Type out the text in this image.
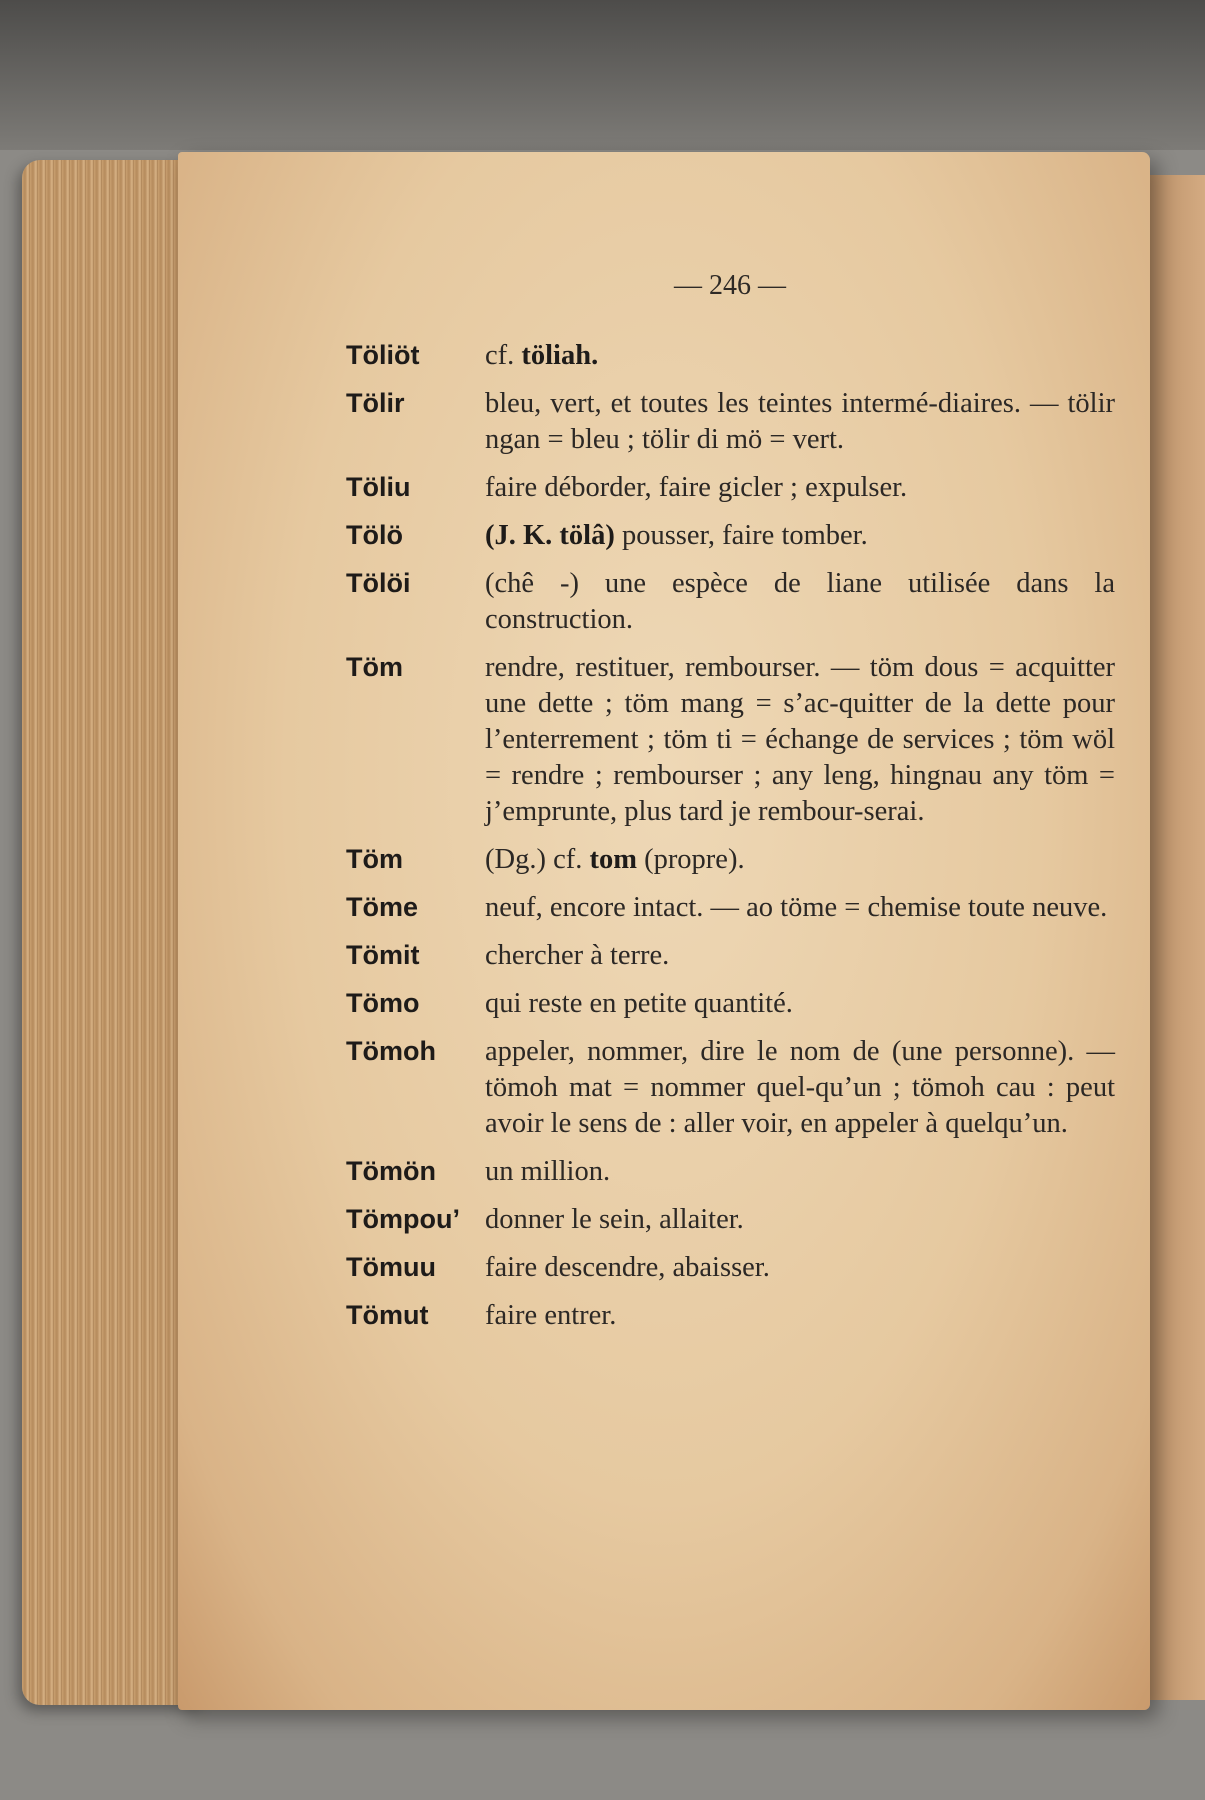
— 246 —
Töliöt cf. töliah.
Tölir	bleu, vert, et toutes les teintes intermé-diaires. — tölir ngan = bleu ; tölir di mö = vert.
Töliu	faire déborder, faire gicler ; expulser.
Tölö	(J. K. tölâ) pousser, faire tomber.
Tölöi	(chê -) une espèce de liane utilisée dans la construction.
Töm	rendre, restituer, rembourser. — töm dous = acquitter une dette ; töm mang = s’ac-quitter de la dette pour l’enterrement ; töm ti = échange de services ; töm wöl = rendre ; rembourser ; any leng, hingnau any töm = j’emprunte, plus tard je rembour-serai.
Töm	(Dg.) cf. tom (propre).
Töme neuf, encore intact. — ao töme = chemise toute neuve.
Tömit chercher à terre.
Tömo qui reste en petite quantité.
Tömoh appeler, nommer, dire le nom de (une personne). — tömoh mat = nommer quel-qu’un ; tömoh cau : peut avoir le sens de : aller voir, en appeler à quelqu’un.
Tömön un million.
Tömpou’ donner le sein, allaiter.
Tömuu faire descendre, abaisser.
Tömut faire entrer.
